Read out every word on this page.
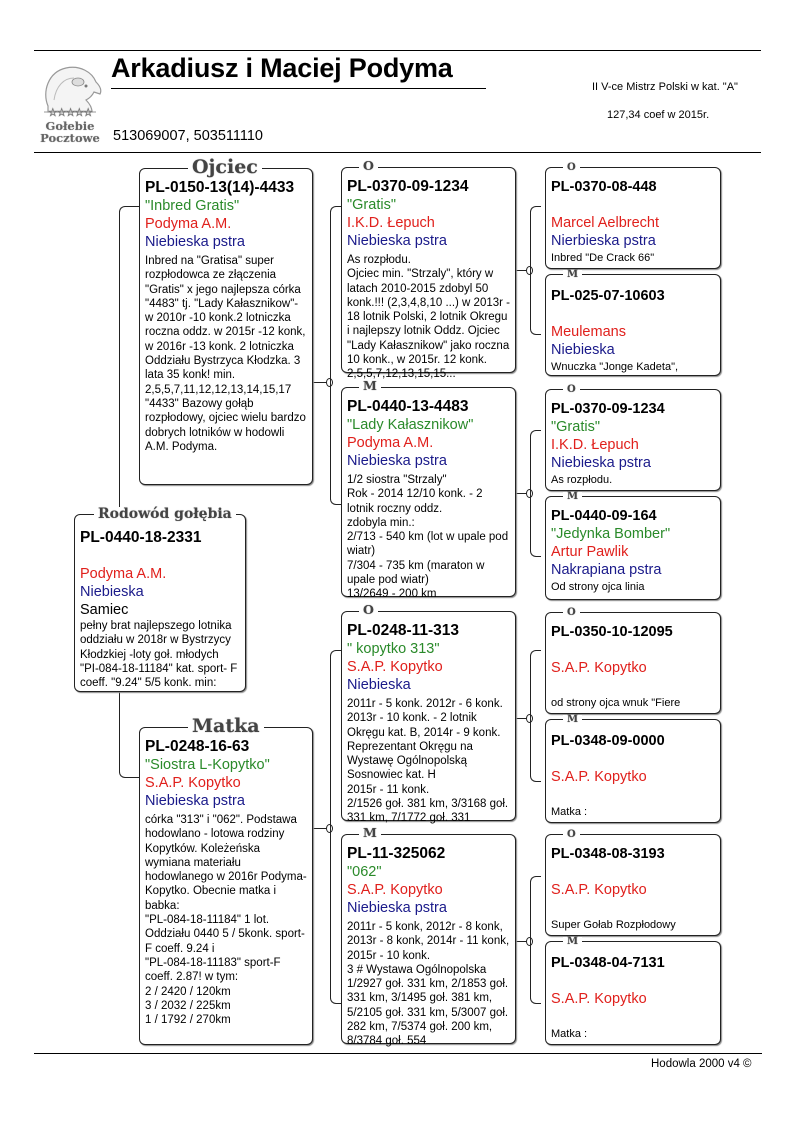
☆☆☆☆☆
Gołebie
Pocztowe
Arkadiusz i Maciej Podyma
513069007, 503511110
II V-ce Mistrz Polski w kat. "A"
127,34 coef w 2015r.
PL-0440-18-2331
Podyma A.M.
Niebieska
Samiec
pełny brat najlepszego lotnika oddziału w 2018r w Bystrzycy Kłodzkiej -loty goł. młodych "PI-084-18-11184" kat. sport- F coeff. "9.24" 5/5 konk. min:
Rodowód gołębia
PL-0150-13(14)-4433
"Inbred Gratis"
Podyma A.M.
Niebieska pstra
Inbred na "Gratisa" super rozpłodowca ze złączenia "Gratis" x jego najlepsza córka "4483" tj. "Lady Kałasznikow"- w 2010r -10 konk.2 lotniczka roczna oddz. w 2015r -12 konk,
w 2016r -13 konk. 2 lotniczka Oddziału Bystrzyca Kłodzka. 3 lata 35 konk! min. 2,5,5,7,11,12,12,13,14,15,17
"4433" Bazowy gołąb rozpłodowy, ojciec wielu bardzo dobrych lotników w hodowli A.M. Podyma.
Ojciec
PL-0248-16-63
"Siostra L-Kopytko"
S.A.P. Kopytko
Niebieska pstra
córka "313" i "062". Podstawa hodowlano - lotowa rodziny Kopytków. Koleżeńska wymiana materiału hodowlanego w 2016r Podyma-Kopytko. Obecnie matka i babka:
"PL-084-18-11184" 1 lot. Oddziału 0440 5 / 5konk. sport-F coeff. 9.24 i
"PL-084-18-11183" sport-F coeff. 2.87! w tym:
2 / 2420 / 120km
3 / 2032 / 225km
1 / 1792 / 270km
Matka
PL-0370-09-1234
"Gratis"
I.K.D. Łepuch
Niebieska pstra
As rozpłodu.
Ojciec min. "Strzaly", który w latach 2010-2015 zdobyl 50 konk.!!! (2,3,4,8,10 ...) w 2013r - 18 lotnik Polski, 2 lotnik Okregu i najlepszy lotnik Oddz. Ojciec "Lady Kałasznikow" jako roczna 10 konk., w 2015r. 12 konk. 2,5,5,7,12,13,15,15...
O
PL-0440-13-4483
"Lady Kałasznikow"
Podyma A.M.
Niebieska pstra
1/2 siostra "Strzaly"
Rok - 2014 12/10 konk. - 2 lotnik roczny oddz.
zdobyla min.:
2/713 - 540 km (lot w upale pod wiatr)
7/304 - 735 km (maraton w upale pod wiatr)
13/2649 - 200 km
M
PL-0248-11-313
" kopytko 313"
S.A.P. Kopytko
Niebieska
2011r - 5 konk. 2012r - 6 konk. 2013r - 10 konk. - 2 lotnik Okręgu kat. B, 2014r - 9 konk. Reprezentant Okręgu na Wystawę Ogólnopolską Sosnowiec kat. H
2015r - 11 konk.
2/1526 goł. 381 km, 3/3168 goł. 331 km, 7/1772 goł. 331
O
PL-11-325062
"062"
S.A.P. Kopytko
Niebieska pstra
2011r - 5 konk, 2012r - 8 konk, 2013r - 8 konk, 2014r - 11 konk, 2015r - 10 konk.
3 # Wystawa Ogólnopolska 1/2927 goł. 331 km, 2/1853 goł. 331 km, 3/1495 goł. 381 km, 5/2105 goł. 331 km, 5/3007 goł. 282 km, 7/5374 goł. 200 km, 8/3784 goł. 554
M
PL-0370-08-448
Marcel Aelbrecht
Nierbieska pstra
Inbred "De Crack 66"
O
PL-025-07-10603
Meulemans
Niebieska
Wnuczka "Jonge Kadeta",
M
PL-0370-09-1234
"Gratis"
I.K.D. Łepuch
Niebieska pstra
As rozpłodu.
O
PL-0440-09-164
"Jedynka Bomber"
Artur Pawlik
Nakrapiana pstra
Od strony ojca linia
M
PL-0350-10-12095
S.A.P. Kopytko
od strony ojca wnuk "Fiere
O
PL-0348-09-0000
S.A.P. Kopytko
Matka :
M
PL-0348-08-3193
S.A.P. Kopytko
Super Gołab Rozpłodowy
O
PL-0348-04-7131
S.A.P. Kopytko
Matka :
M
Hodowla 2000 v4 ©
